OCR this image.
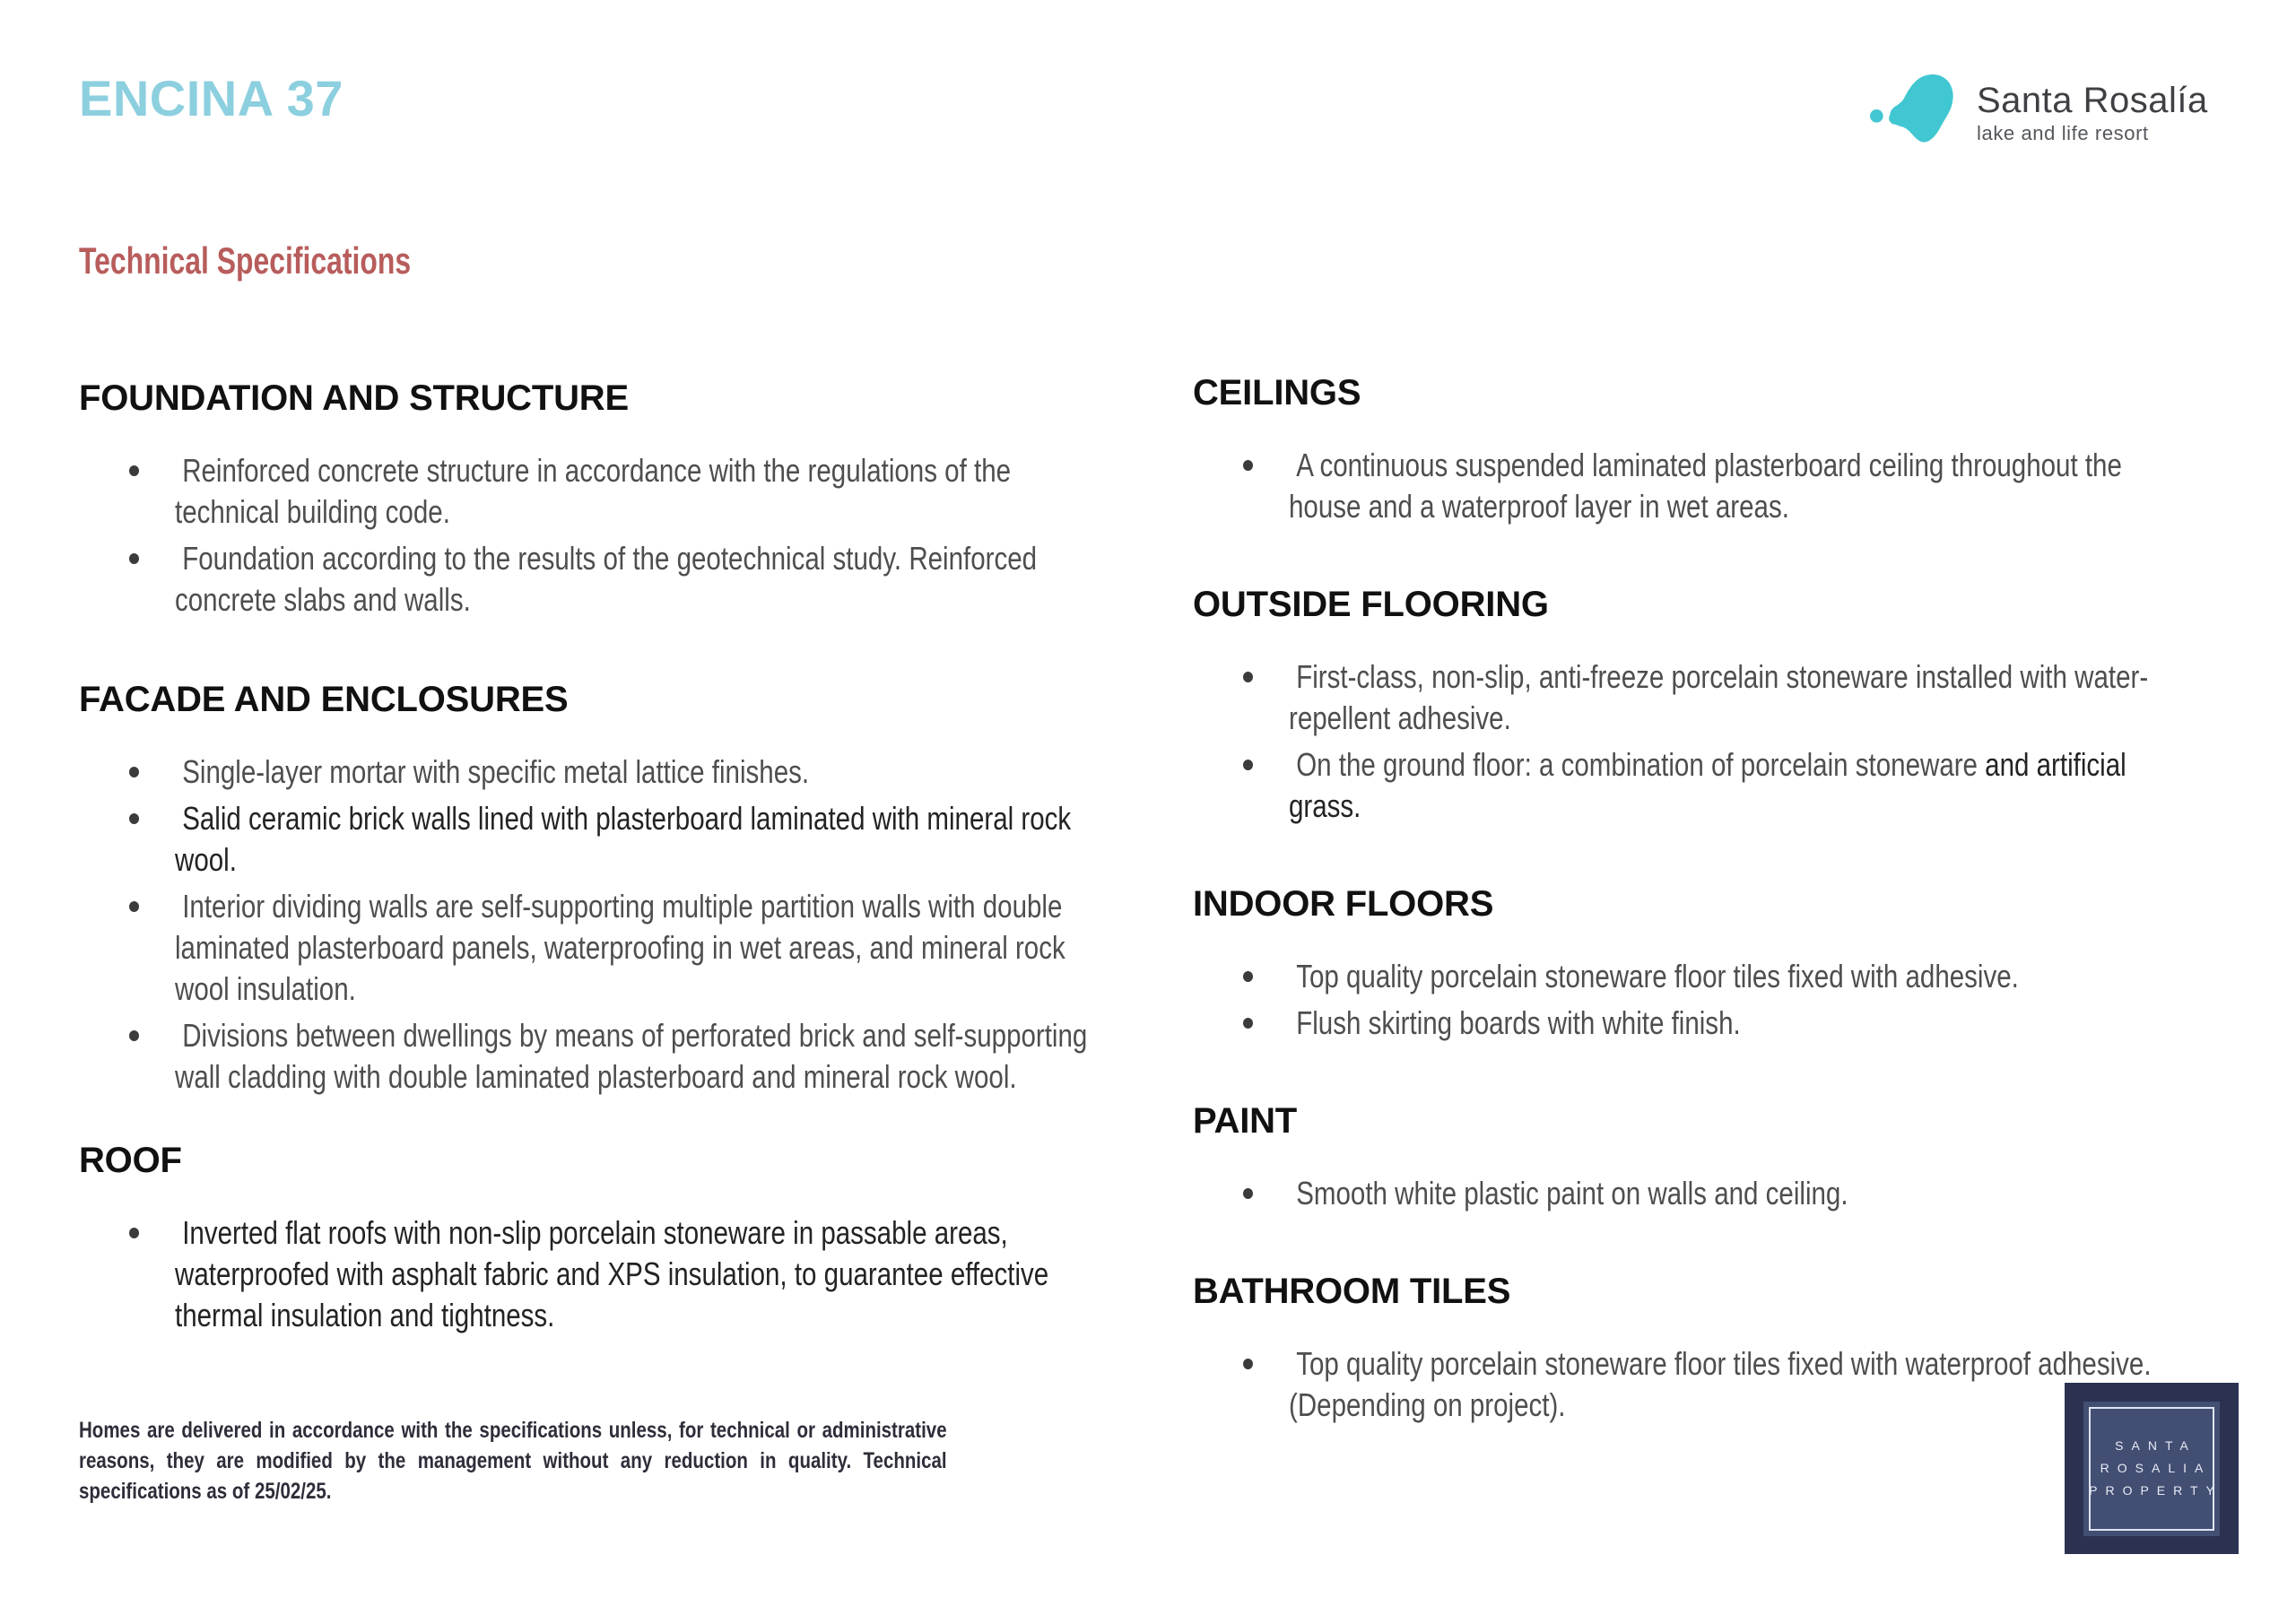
ENCINA 37	Santa Rosalía
lake and life resort
Technical Specifications
FOUNDATION AND STRUCTURE
Reinforced concrete structure in accordance with the regulations of the technical building code.
Foundation according to the results of the geotechnical study. Reinforced concrete slabs and walls.
FACADE AND ENCLOSURES
Single-layer mortar with specific metal lattice finishes.
Salid ceramic brick walls lined with plasterboard laminated with mineral rock wool.
Interior dividing walls are self-supporting multiple partition walls with double laminated plasterboard panels, waterproofing in wet areas, and mineral rock wool insulation.
Divisions between dwellings by means of perforated brick and self-supporting wall cladding with double laminated plasterboard and mineral rock wool.
ROOF
Inverted flat roofs with non-slip porcelain stoneware in passable areas, waterproofed with asphalt fabric and XPS insulation, to guarantee effective thermal insulation and tightness.
CEILINGS
A continuous suspended laminated plasterboard ceiling throughout the house and a waterproof layer in wet areas.
OUTSIDE FLOORING
First-class, non-slip, anti-freeze porcelain stoneware installed with water-repellent adhesive.
On the ground floor: a combination of porcelain stoneware and artificial grass.
INDOOR FLOORS
Top quality porcelain stoneware floor tiles fixed with adhesive.
Flush skirting boards with white finish.
PAINT
Smooth white plastic paint on walls and ceiling.
BATHROOM TILES
Top quality porcelain stoneware floor tiles fixed with waterproof adhesive. (Depending on project).
Homes are delivered in accordance with the specifications unless, for technical or administrative reasons, they are modified by the management without any reduction in quality. Technical specifications as of 25/02/25.
SANTA
ROSALIA
PROPERTY
